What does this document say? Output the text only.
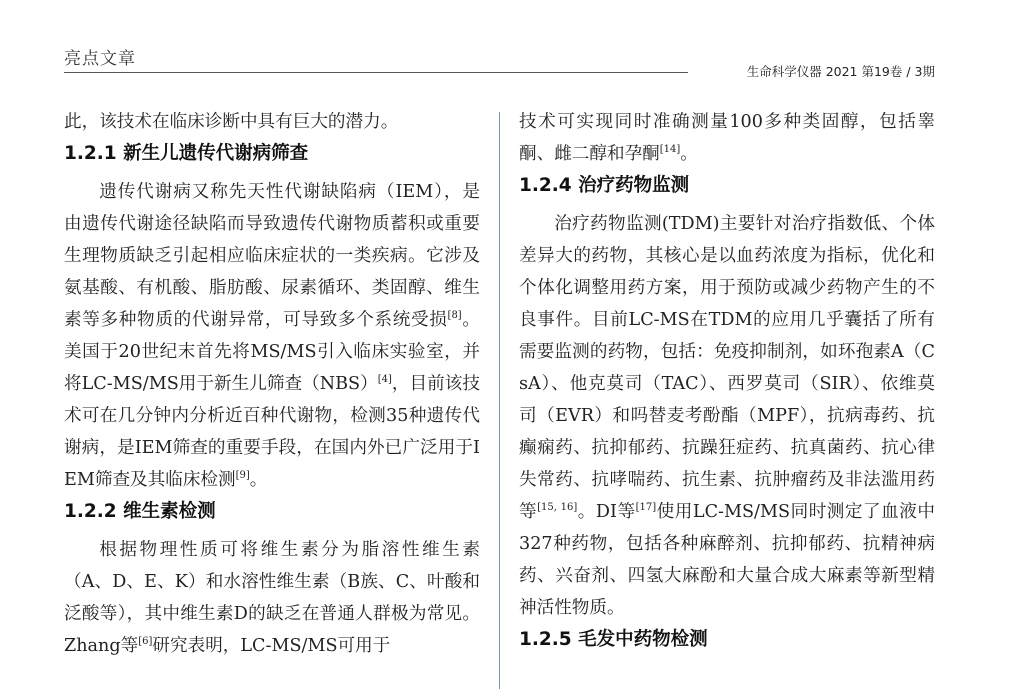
亮点文章
生命科学仪器 2021 第19卷 / 3期

此，该技术在临床诊断中具有巨大的潜力。

1.2.1 新生儿遗传代谢病筛查

遗传代谢病又称先天性代谢缺陷病（IEM），是由遗传代谢途径缺陷而导致遗传代谢物质蓄积或重要生理物质缺乏引起相应临床症状的一类疾病。它涉及氨基酸、有机酸、脂肪酸、尿素循环、类固醇、维生素等多种物质的代谢异常，可导致多个系统受损[8]。美国于20世纪末首先将MS/MS引入临床实验室，并将LC-MS/MS用于新生儿筛查（NBS）[4]，目前该技术可在几分钟内分析近百种代谢物，检测35种遗传代谢病，是IEM筛查的重要手段，在国内外已广泛用于IEM筛查及其临床检测[9]。

1.2.2 维生素检测

根据物理性质可将维生素分为脂溶性维生素（A、D、E、K）和水溶性维生素（B族、C、叶酸和泛酸等），其中维生素D的缺乏在普通人群极为常见。Zhang等[6]研究表明，LC-MS/MS可用于

技术可实现同时准确测量100多种类固醇，包括睾酮、雌二醇和孕酮[14]。

1.2.4 治疗药物监测

治疗药物监测(TDM)主要针对治疗指数低、个体差异大的药物，其核心是以血药浓度为指标，优化和个体化调整用药方案，用于预防或减少药物产生的不良事件。目前LC-MS在TDM的应用几乎囊括了所有需要监测的药物，包括：免疫抑制剂，如环孢素A（CsA）、他克莫司（TAC）、西罗莫司（SIR）、依维莫司（EVR）和吗替麦考酚酯（MPF），抗病毒药、抗癫痫药、抗抑郁药、抗躁狂症药、抗真菌药、抗心律失常药、抗哮喘药、抗生素、抗肿瘤药及非法滥用药等[15, 16]。DI等[17]使用LC-MS/MS同时测定了血液中327种药物，包括各种麻醉剂、抗抑郁药、抗精神病药、兴奋剂、四氢大麻酚和大量合成大麻素等新型精神活性物质。

1.2.5 毛发中药物检测
